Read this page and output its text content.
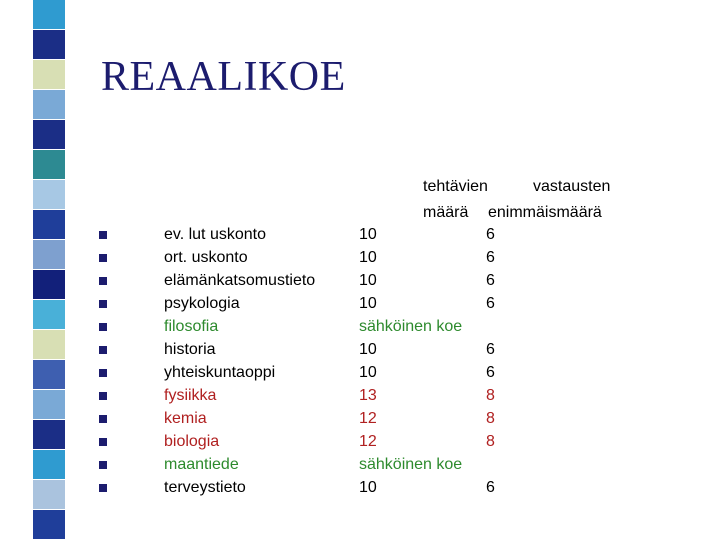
REAALIKOE
tehtävien	vastausten
määrä enimmäismäärä
ev. lut uskonto	10	6
ort. uskonto	10	6
elämänkatsomustieto	10	6
psykologia	10	6
filosofia	sähköinen koe
historia	10	6
yhteiskuntaoppi	10	6
fysiikka	13	8
kemia	12	8
biologia	12	8
maantiede	sähköinen koe
terveystieto	10	6
